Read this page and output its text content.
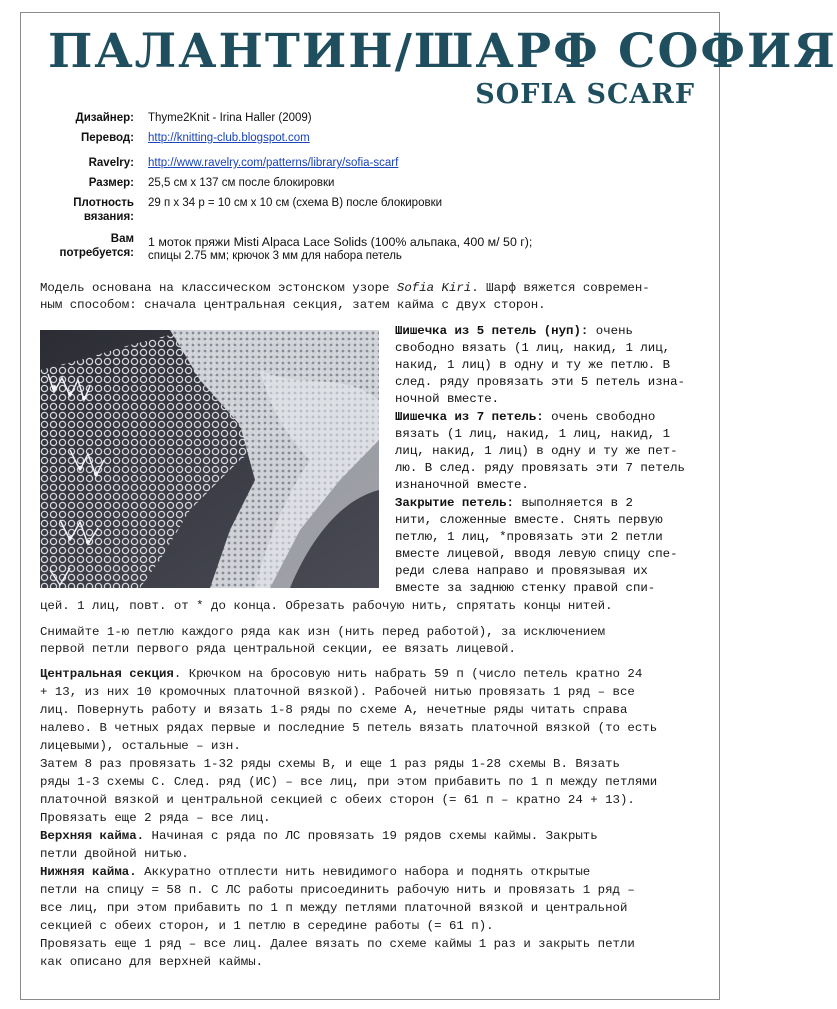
ПАЛАНТИН/ШАРФ СОФИЯ
SOFIA SCARF
Дизайнер: Thyme2Knit - Irina Haller (2009)
Перевод: http://knitting-club.blogspot.com
Ravelry: http://www.ravelry.com/patterns/library/sofia-scarf
Размер: 25,5 см х 137 см после блокировки
Плотность 29 п х 34 р = 10 см х 10 см (схема B) после блокировки
вязания:
Вам 1 моток пряжи Misti Alpaca Lace Solids (100% альпака, 400 м/ 50 г);
потребуется: спицы 2.75 мм; крючок 3 мм для набора петель
Модель основана на классическом эстонском узоре Sofia Kiri. Шарф вяжется современ-
ным способом: сначала центральная секция, затем кайма с двух сторон.
Шишечка из 5 петель (нуп): очень
свободно вязать (1 лиц, накид, 1 лиц,
накид, 1 лиц) в одну и ту же петлю. В
след. ряду провязать эти 5 петель изна-
ночной вместе.
Шишечка из 7 петель: очень свободно
вязать (1 лиц, накид, 1 лиц, накид, 1
лиц, накид, 1 лиц) в одну и ту же пет-
лю. В след. ряду провязать эти 7 петель
изнаночной вместе.
Закрытие петель: выполняется в 2
нити, сложенные вместе. Снять первую
петлю, 1 лиц, *провязать эти 2 петли
вместе лицевой, вводя левую спицу спе-
реди слева направо и провязывая их
вместе за заднюю стенку правой спи-
цей. 1 лиц, повт. от * до конца. Обрезать рабочую нить, спрятать концы нитей.
Снимайте 1-ю петлю каждого ряда как изн (нить перед работой), за исключением
первой петли первого ряда центральной секции, ее вязать лицевой.
Центральная секция. Крючком на бросовую нить набрать 59 п (число петель кратно 24
+ 13, из них 10 кромочных платочной вязкой). Рабочей нитью провязать 1 ряд – все
лиц. Повернуть работу и вязать 1-8 ряды по схеме А, нечетные ряды читать справа
налево. В четных рядах первые и последние 5 петель вязать платочной вязкой (то есть
лицевыми), остальные – изн.
Затем 8 раз провязать 1-32 ряды схемы B, и еще 1 раз ряды 1-28 схемы B. Вязать
ряды 1-3 схемы С. След. ряд (ИС) – все лиц, при этом прибавить по 1 п между петлями
платочной вязкой и центральной секцией с обеих сторон (= 61 п – кратно 24 + 13).
Провязать еще 2 ряда – все лиц.
Верхняя кайма. Начиная с ряда по ЛС провязать 19 рядов схемы каймы. Закрыть
петли двойной нитью.
Нижняя кайма. Аккуратно отплести нить невидимого набора и поднять открытые
петли на спицу = 58 п. С ЛС работы присоединить рабочую нить и провязать 1 ряд –
все лиц, при этом прибавить по 1 п между петлями платочной вязкой и центральной
секцией с обеих сторон, и 1 петлю в середине работы (= 61 п).
Провязать еще 1 ряд – все лиц. Далее вязать по схеме каймы 1 раз и закрыть петли
как описано для верхней каймы.
